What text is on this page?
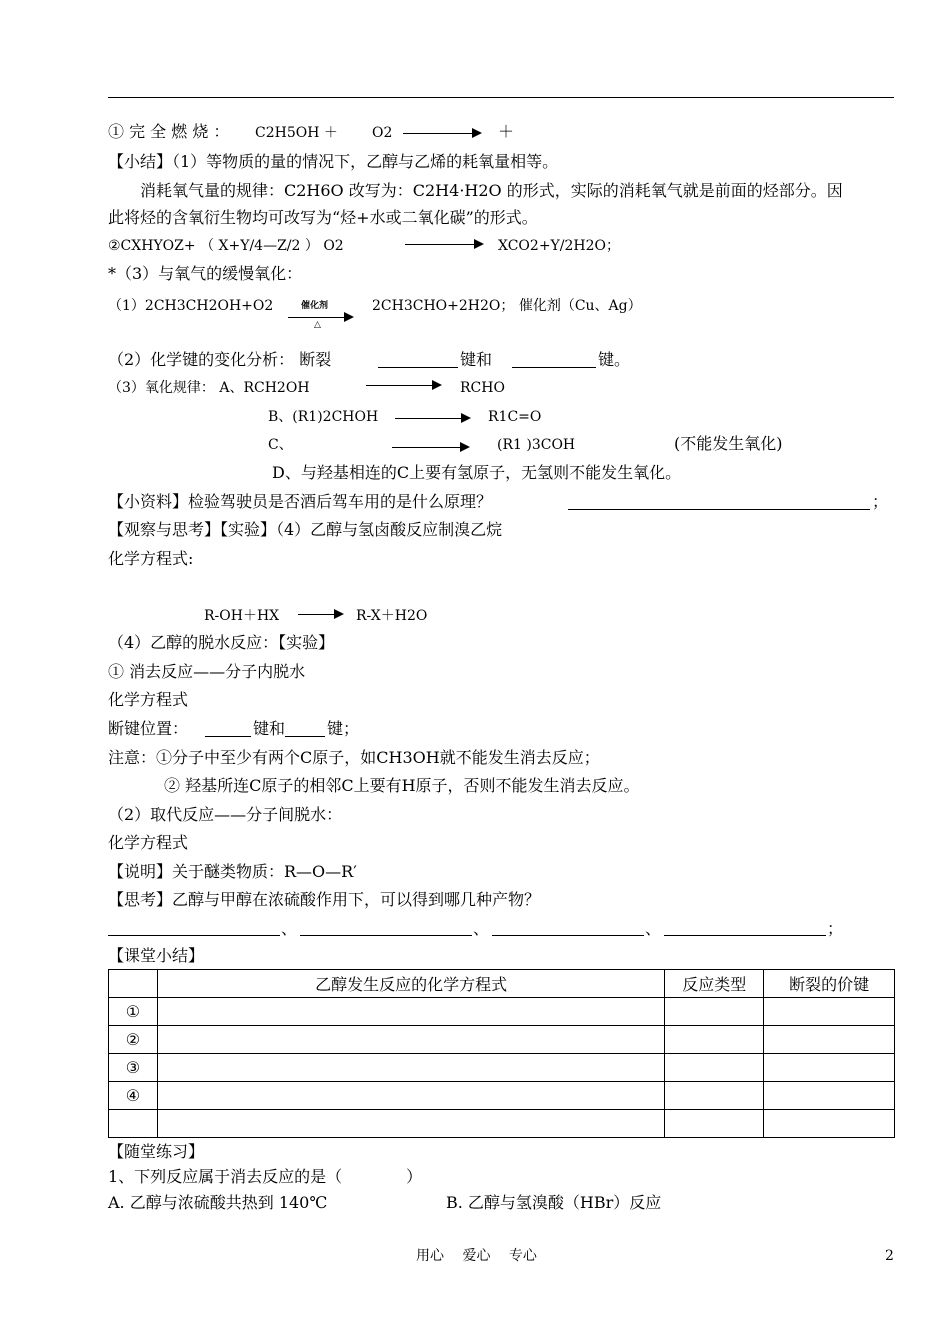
① 完 全 燃 烧 ： C2H5OH ＋ O2	＋
【小结】（1）等物质的量的情况下，乙醇与乙烯的耗氧量相等。
消耗氧气量的规律：C2H6O 改写为：C2H4·H2O 的形式，实际的消耗氧气就是前面的烃部分。因
此将烃的含氧衍生物均可改写为“烃+水或二氧化碳”的形式。
②CXHYOZ+ （ X+Y/4—Z/2 ） O2	XCO2+Y/2H2O；
*（3）与氧气的缓慢氧化：
（1）2CH3CH2OH+O2	催化剂
△
2CH3CHO+2H2O； 催化剂（Cu、Ag）
（2）化学键的变化分析： 断裂	键和	键。
（3）氧化规律： A、RCH2OH	RCHO
B、(R1)2CHOH	R1C=O
C、	(R1 )3COH	(不能发生氧化)
D、与羟基相连的C上要有氢原子，无氢则不能发生氧化。
【小资料】检验驾驶员是否酒后驾车用的是什么原理？	；
【观察与思考】【实验】（4）乙醇与氢卤酸反应制溴乙烷
化学方程式:
R-OH＋HX → R-X＋H2O
（4）乙醇的脱水反应：【实验】
① 消去反应——分子内脱水
化学方程式
断键位置：	键和	键；
注意：①分子中至少有两个C原子，如CH3OH就不能发生消去反应；
② 羟基所连C原子的相邻C上要有H原子，否则不能发生消去反应。
（2）取代反应——分子间脱水：
化学方程式
【说明】关于醚类物质：R—O—R′
【思考】乙醇与甲醇在浓硫酸作用下，可以得到哪几种产物？
、	、	、	；
【课堂小结】
	乙醇发生反应的化学方程式	反应类型	断裂的价键
①			
②			
③			
④			

【随堂练习】
1、下列反应属于消去反应的是（　　　　）
A. 乙醇与浓硫酸共热到 140℃	B. 乙醇与氢溴酸（HBr）反应
用心　 爱心　 专心	2
